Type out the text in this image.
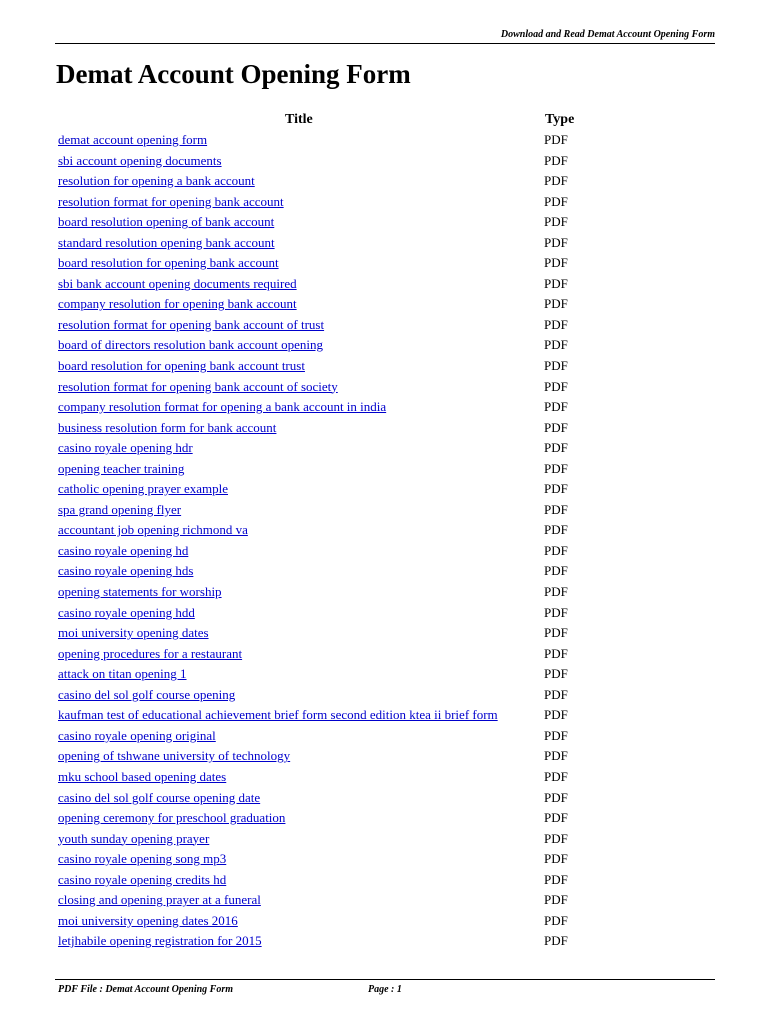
Download and Read Demat Account Opening Form
Demat Account Opening Form
Title	Type
demat account opening form	PDF
sbi account opening documents	PDF
resolution for opening a bank account	PDF
resolution format for opening bank account	PDF
board resolution opening of bank account	PDF
standard resolution opening bank account	PDF
board resolution for opening bank account	PDF
sbi bank account opening documents required	PDF
company resolution for opening bank account	PDF
resolution format for opening bank account of trust	PDF
board of directors resolution bank account opening	PDF
board resolution for opening bank account trust	PDF
resolution format for opening bank account of society	PDF
company resolution format for opening a bank account in india	PDF
business resolution form for bank account	PDF
casino royale opening hdr	PDF
opening teacher training	PDF
catholic opening prayer example	PDF
spa grand opening flyer	PDF
accountant job opening richmond va	PDF
casino royale opening hd	PDF
casino royale opening hds	PDF
opening statements for worship	PDF
casino royale opening hdd	PDF
moi university opening dates	PDF
opening procedures for a restaurant	PDF
attack on titan opening 1	PDF
casino del sol golf course opening	PDF
kaufman test of educational achievement brief form second edition ktea ii brief form	PDF
casino royale opening original	PDF
opening of tshwane university of technology	PDF
mku school based opening dates	PDF
casino del sol golf course opening date	PDF
opening ceremony for preschool graduation	PDF
youth sunday opening prayer	PDF
casino royale opening song mp3	PDF
casino royale opening credits hd	PDF
closing and opening prayer at a funeral	PDF
moi university opening dates 2016	PDF
letjhabile opening registration for 2015	PDF
PDF File : Demat Account Opening Form	Page : 1
